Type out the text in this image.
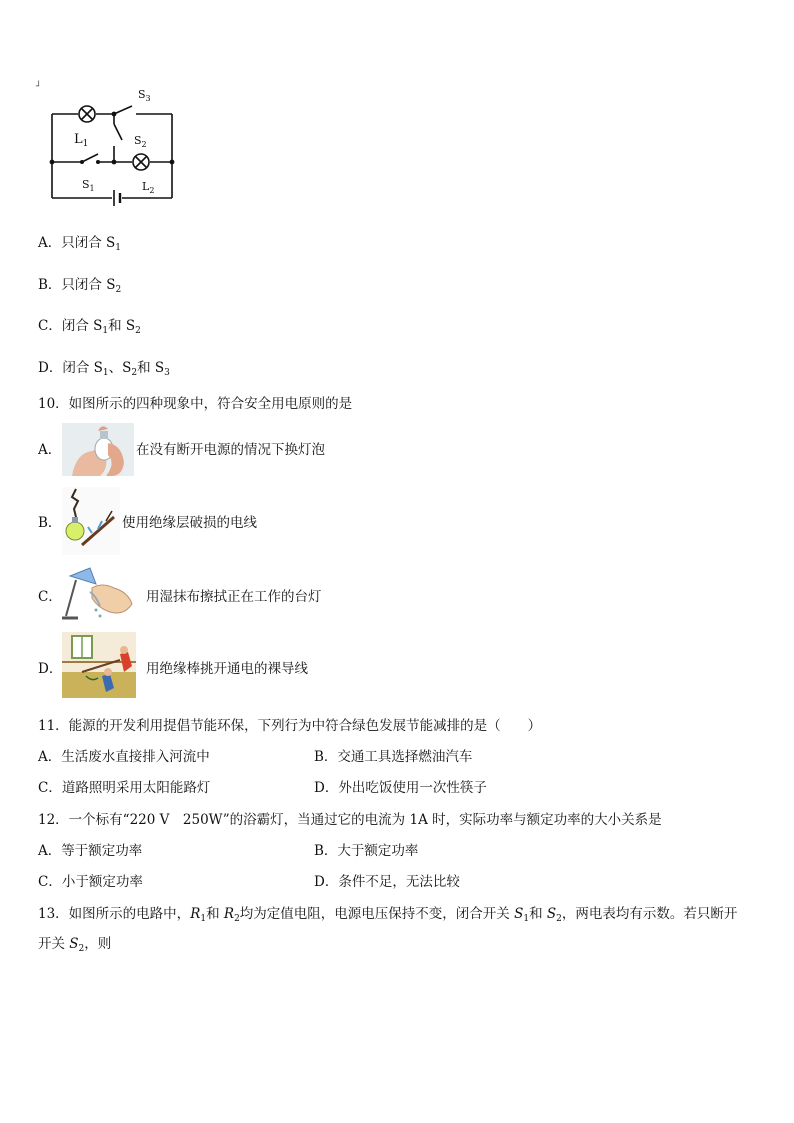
┘
$L_1$
$S_3$
$S_2$
$S_1$	$L_2$
A．只闭合 $S_1$
B．只闭合 $S_2$
C．闭合 $S_1$和 $S_2$
D．闭合 $S_1$、$S_2$和 $S_3$
10．如图所示的四种现象中，符合安全用电原则的是
A．	在没有断开电源的情况下换灯泡
B．	使用绝缘层破损的电线
C．	用湿抹布擦拭正在工作的台灯
D．	用绝缘棒挑开通电的裸导线
11．能源的开发利用提倡节能环保，下列行为中符合绿色发展节能减排的是（　　）
A．生活废水直接排入河流中	B．交通工具选择燃油汽车
C．道路照明采用太阳能路灯	D．外出吃饭使用一次性筷子
12．一个标有“220 V　250W”的浴霸灯，当通过它的电流为 1A 时，实际功率与额定功率的大小关系是
A．等于额定功率	B．大于额定功率
C．小于额定功率	D．条件不足，无法比较
13．如图所示的电路中，$R_1$和 $R_2$均为定值电阻，电源电压保持不变，闭合开关 $S_1$和 $S_2$，两电表均有示数。若只断开
开关 $S_2$，则
